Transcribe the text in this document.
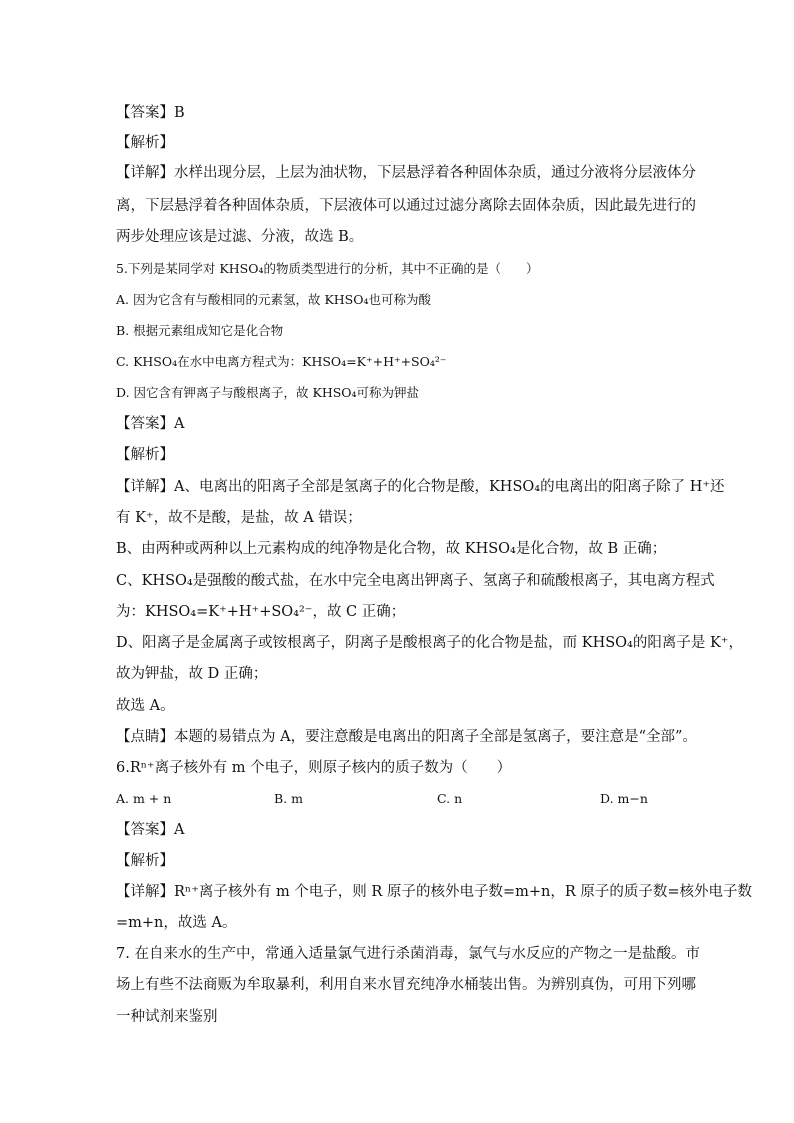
【答案】B
【解析】
【详解】水样出现分层，上层为油状物，下层悬浮着各种固体杂质，通过分液将分层液体分
离，下层悬浮着各种固体杂质，下层液体可以通过过滤分离除去固体杂质，因此最先进行的
两步处理应该是过滤、分液，故选 B。
5.下列是某同学对 KHSO₄的物质类型进行的分析，其中不正确的是（　　）
A. 因为它含有与酸相同的元素氢，故 KHSO₄也可称为酸
B. 根据元素组成知它是化合物
C. KHSO₄在水中电离方程式为：KHSO₄=K⁺+H⁺+SO₄²⁻
D. 因它含有钾离子与酸根离子，故 KHSO₄可称为钾盐
【答案】A
【解析】
【详解】A、电离出的阳离子全部是氢离子的化合物是酸，KHSO₄的电离出的阳离子除了 H⁺还
有 K⁺，故不是酸，是盐，故 A 错误；
B、由两种或两种以上元素构成的纯净物是化合物，故 KHSO₄是化合物，故 B 正确；
C、KHSO₄是强酸的酸式盐，在水中完全电离出钾离子、氢离子和硫酸根离子，其电离方程式
为：KHSO₄=K⁺+H⁺+SO₄²⁻，故 C 正确；
D、阳离子是金属离子或铵根离子，阴离子是酸根离子的化合物是盐，而 KHSO₄的阳离子是 K⁺，
故为钾盐，故 D 正确；
故选 A。
【点睛】本题的易错点为 A，要注意酸是电离出的阳离子全部是氢离子，要注意是“全部”。
6.Rⁿ⁺离子核外有 m 个电子，则原子核内的质子数为（　　）
A. m + n	B. m	C. n	D. m−n
【答案】A
【解析】
【详解】Rⁿ⁺离子核外有 m 个电子，则 R 原子的核外电子数=m+n，R 原子的质子数=核外电子数
=m+n，故选 A。
7. 在自来水的生产中，常通入适量氯气进行杀菌消毒，氯气与水反应的产物之一是盐酸。市
场上有些不法商贩为牟取暴利，利用自来水冒充纯净水桶装出售。为辨别真伪，可用下列哪
一种试剂来鉴别
